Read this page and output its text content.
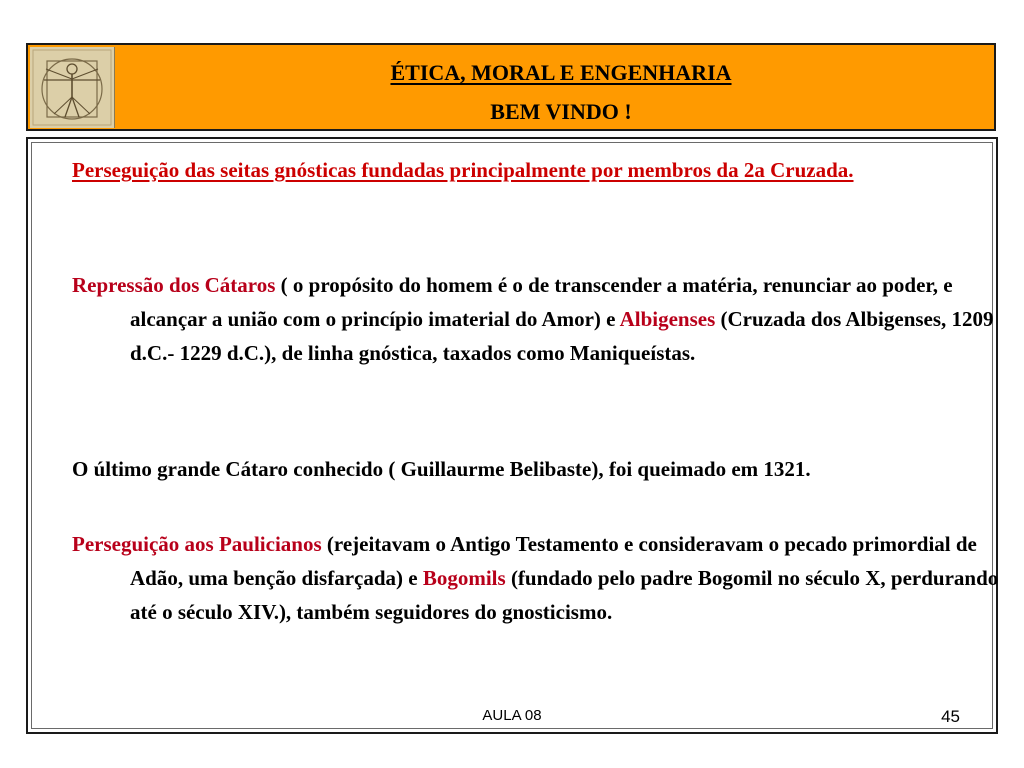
ÉTICA, MORAL E ENGENHARIA
BEM VINDO !
Perseguição das seitas gnósticas fundadas principalmente por membros da 2a Cruzada.
Repressão dos Cátaros ( o propósito do homem é o de transcender a matéria, renunciar ao poder, e alcançar a união com o princípio imaterial do Amor) e Albigenses (Cruzada dos Albigenses, 1209 d.C.- 1229 d.C.), de linha gnóstica, taxados como Maniqueístas.
O último grande Cátaro conhecido ( Guillaurme Belibaste), foi queimado em 1321.
Perseguição aos Paulicianos (rejeitavam o Antigo Testamento e consideravam o pecado primordial de Adão, uma benção disfarçada) e Bogomils (fundado pelo padre Bogomil no século X, perdurando até o século XIV.), também seguidores do gnosticismo.
AULA 08	45
